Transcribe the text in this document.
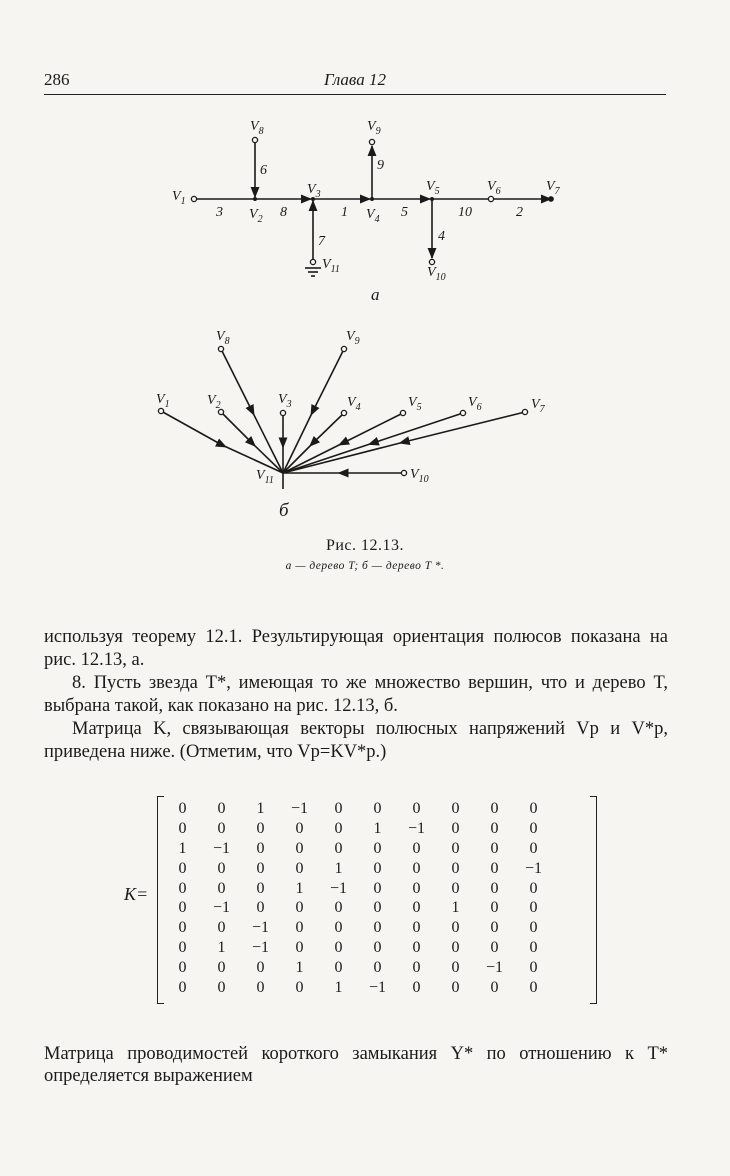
286	Глава 12
$V_1$
$V_2$
$V_3$
$V_4$
$V_5$	$V_6$	$V_7$
$V_8$	$V_9$
$V_{10}$
$V_{11}$
3	8	1	5	10	2
6	9
7	4
а
$V_1$	$V_2$	$V_3$	$V_4$	$V_5$	$V_6$	$V_7$
$V_8$	$V_9$
$V_{10}$
$V_{11}$
б
Рис. 12.13.
а — дерево T; б — дерево T *.

используя теорему 12.1. Результирующая ориентация полюсов показана на рис. 12.13, а.

8. Пусть звезда T*, имеющая то же множество вершин, что и дерево T, выбрана такой, как показано на рис. 12.13, б.

Матрица K, связывающая векторы полюсных напряжений Vp и V*p, приведена ниже. (Отметим, что Vp=KV*p.)

K=
0	0	1	−1	0	0	0	0	0	0
0	0	0	0	0	1	−1	0	0	0
1	−1	0	0	0	0	0	0	0	0
0	0	0	0	1	0	0	0	0	−1
0	0	0	1	−1	0	0	0	0	0
0	−1	0	0	0	0	0	1	0	0
0	0	−1	0	0	0	0	0	0	0
0	1	−1	0	0	0	0	0	0	0
0	0	0	1	0	0	0	0	−1	0
0	0	0	0	1	−1	0	0	0	0

Матрица проводимостей короткого замыкания Y* по отношению к T* определяется выражением
